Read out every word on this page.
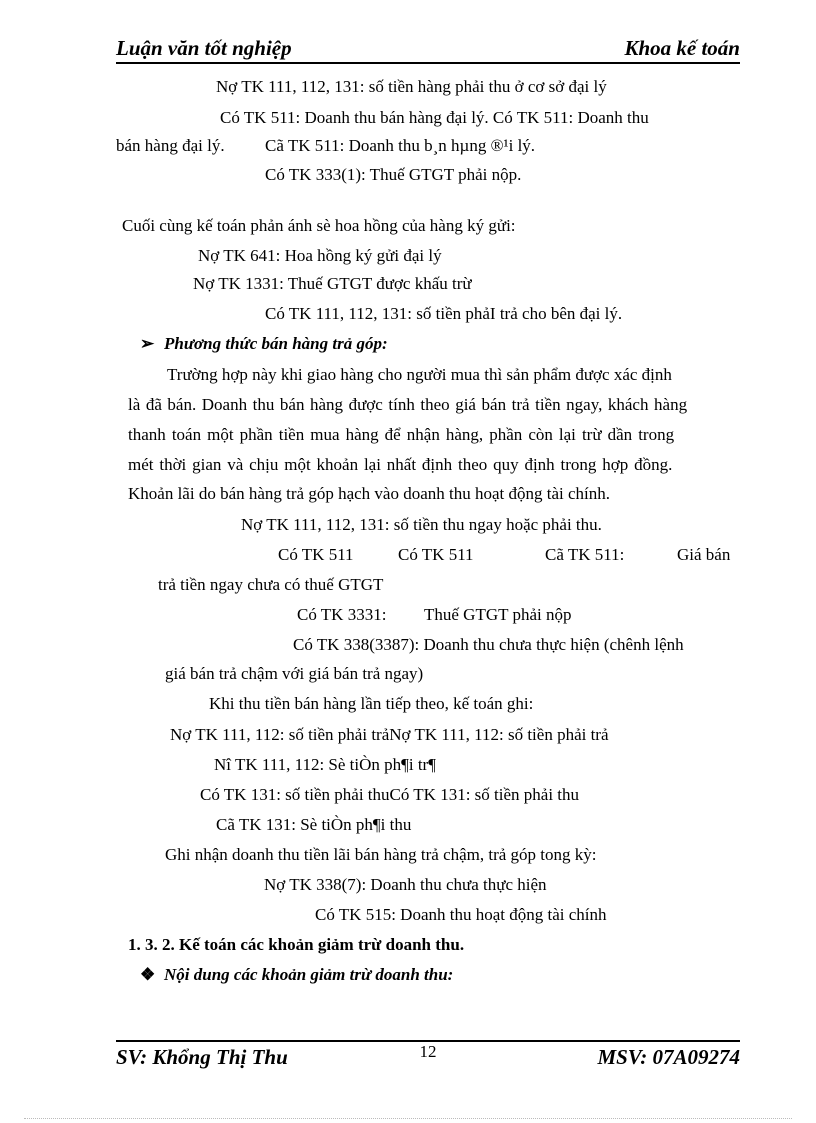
Luận văn tốt nghiệp	Khoa kế toán
Nợ TK 111, 112, 131: số tiền hàng phải thu ở cơ sở đại lý
Có TK 511: Doanh thu bán hàng đại lý. Có TK 511: Doanh thu
bán hàng đại lý. Cã TK 511: Doanh thu b¸n hµng ®¹i lý.
Có TK 333(1): Thuế GTGT phải nộp.
Cuối cùng kế toán phản ánh sè hoa hồng của hàng ký gửi:
Nợ TK 641: Hoa hồng ký gửi đại lý
Nợ TK 1331: Thuế GTGT được khấu trừ
Có TK 111, 112, 131: số tiền phảI trả cho bên đại lý.
➢ Phương thức bán hàng trả góp:
Trường hợp này khi giao hàng cho người mua thì sản phẩm được xác định
là đã bán. Doanh thu bán hàng được tính theo giá bán trả tiền ngay, khách hàng
thanh toán một phần tiền mua hàng để nhận hàng, phần còn lại trừ dần trong
mét thời gian và chịu một khoản lại nhất định theo quy định trong hợp đồng.
Khoản lãi do bán hàng trả góp hạch vào doanh thu hoạt động tài chính.
Nợ TK 111, 112, 131: số tiền thu ngay hoặc phải thu.
Có TK 511	Có TK 511	Cã TK 511:	Giá bán
trả tiền ngay chưa có thuế GTGT
Có TK 3331: Thuế GTGT phải nộp
Có TK 338(3387): Doanh thu chưa thực hiện (chênh lệnh
giá bán trả chậm với giá bán trả ngay)
Khi thu tiền bán hàng lần tiếp theo, kế toán ghi:
Nợ TK 111, 112: số tiền phải trảNợ TK 111, 112: số tiền phải trả
Nî TK 111, 112: Sè tiÒn ph¶i tr¶
Có TK 131: số tiền phải thuCó TK 131: số tiền phải thu
Cã TK 131: Sè tiÒn ph¶i thu
Ghi nhận doanh thu tiền lãi bán hàng trả chậm, trả góp tong kỳ:
Nợ TK 338(7): Doanh thu chưa thực hiện
Có TK 515: Doanh thu hoạt động tài chính
1. 3. 2. Kế toán các khoản giảm trừ doanh thu.
❖ Nội dung các khoản giảm trừ doanh thu:
SV: Khổng Thị Thu	12	MSV: 07A09274
